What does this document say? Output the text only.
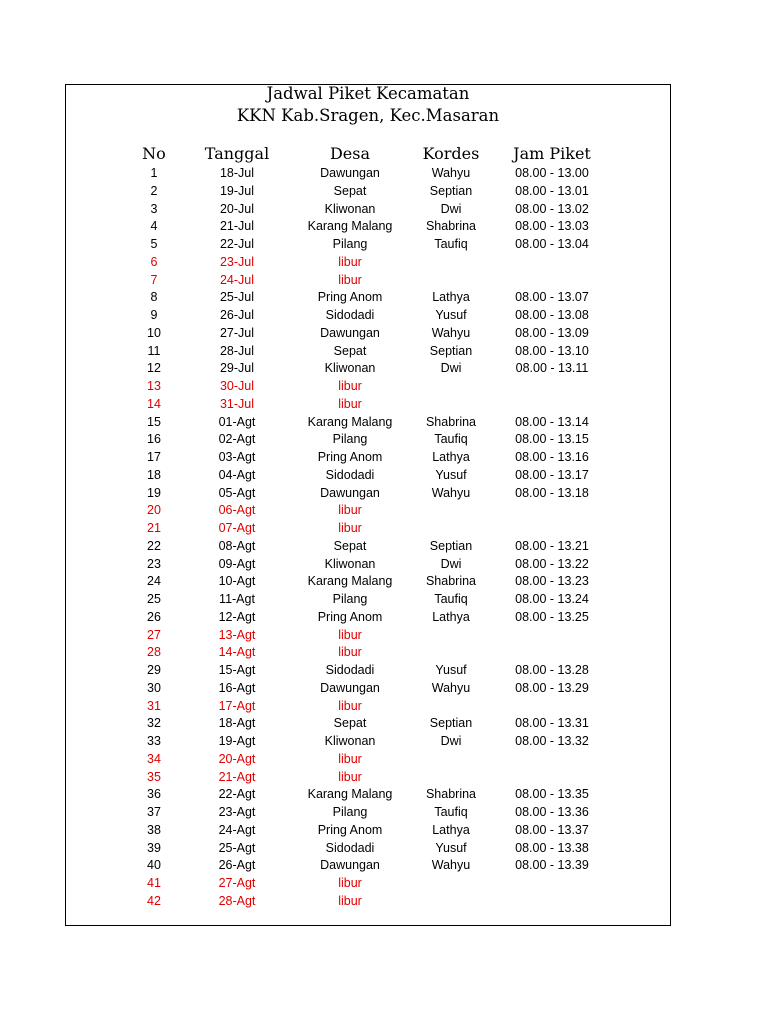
Jadwal Piket Kecamatan
KKN Kab.Sragen, Kec.Masaran
No	Tanggal	Desa	Kordes	Jam Piket
1	18-Jul	Dawungan	Wahyu	08.00 - 13.00
2	19-Jul	Sepat	Septian	08.00 - 13.01
3	20-Jul	Kliwonan	Dwi	08.00 - 13.02
4	21-Jul	Karang Malang	Shabrina	08.00 - 13.03
5	22-Jul	Pilang	Taufiq	08.00 - 13.04
6	23-Jul	libur
7	24-Jul	libur
8	25-Jul	Pring Anom	Lathya	08.00 - 13.07
9	26-Jul	Sidodadi	Yusuf	08.00 - 13.08
10	27-Jul	Dawungan	Wahyu	08.00 - 13.09
11	28-Jul	Sepat	Septian	08.00 - 13.10
12	29-Jul	Kliwonan	Dwi	08.00 - 13.11
13	30-Jul	libur
14	31-Jul	libur
15	01-Agt	Karang Malang	Shabrina	08.00 - 13.14
16	02-Agt	Pilang	Taufiq	08.00 - 13.15
17	03-Agt	Pring Anom	Lathya	08.00 - 13.16
18	04-Agt	Sidodadi	Yusuf	08.00 - 13.17
19	05-Agt	Dawungan	Wahyu	08.00 - 13.18
20	06-Agt	libur
21	07-Agt	libur
22	08-Agt	Sepat	Septian	08.00 - 13.21
23	09-Agt	Kliwonan	Dwi	08.00 - 13.22
24	10-Agt	Karang Malang	Shabrina	08.00 - 13.23
25	11-Agt	Pilang	Taufiq	08.00 - 13.24
26	12-Agt	Pring Anom	Lathya	08.00 - 13.25
27	13-Agt	libur
28	14-Agt	libur
29	15-Agt	Sidodadi	Yusuf	08.00 - 13.28
30	16-Agt	Dawungan	Wahyu	08.00 - 13.29
31	17-Agt	libur
32	18-Agt	Sepat	Septian	08.00 - 13.31
33	19-Agt	Kliwonan	Dwi	08.00 - 13.32
34	20-Agt	libur
35	21-Agt	libur
36	22-Agt	Karang Malang	Shabrina	08.00 - 13.35
37	23-Agt	Pilang	Taufiq	08.00 - 13.36
38	24-Agt	Pring Anom	Lathya	08.00 - 13.37
39	25-Agt	Sidodadi	Yusuf	08.00 - 13.38
40	26-Agt	Dawungan	Wahyu	08.00 - 13.39
41	27-Agt	libur
42	28-Agt	libur
